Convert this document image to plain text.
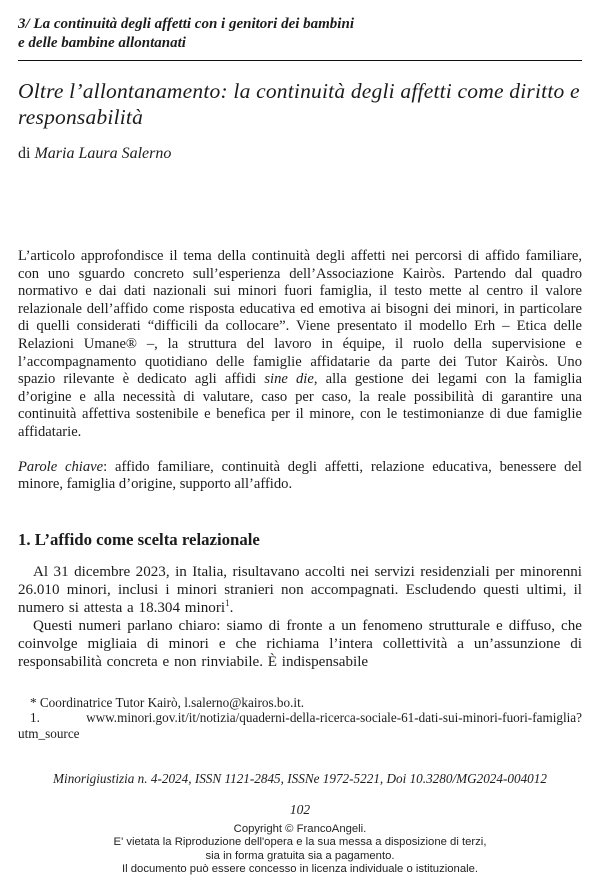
3/ La continuità degli affetti con i genitori dei bambini
e delle bambine allontanati
Oltre l’allontanamento: la continuità degli affetti come diritto e responsabilità

di Maria Laura Salerno

L’articolo approfondisce il tema della continuità degli affetti nei percorsi di affido familiare, con uno sguardo concreto sull’esperienza dell’Associazione Kairòs. Partendo dal quadro normativo e dai dati nazionali sui minori fuori famiglia, il testo mette al centro il valore relazionale dell’affido come risposta educativa ed emotiva ai bisogni dei minori, in particolare di quelli considerati “difficili da collocare”. Viene presentato il modello Erh – Etica delle Relazioni Umane® –, la struttura del lavoro in équipe, il ruolo della supervisione e l’accompagnamento quotidiano delle famiglie affidatarie da parte dei Tutor Kairòs. Uno spazio rilevante è dedicato agli affidi sine die, alla gestione dei legami con la famiglia d’origine e alla necessità di valutare, caso per caso, la reale possibilità di garantire una continuità affettiva sostenibile e benefica per il minore, con le testimonianze di due famiglie affidatarie.

Parole chiave: affido familiare, continuità degli affetti, relazione educativa, benessere del minore, famiglia d’origine, supporto all’affido.

1. L’affido come scelta relazionale

Al 31 dicembre 2023, in Italia, risultavano accolti nei servizi residenziali per minorenni 26.010 minori, inclusi i minori stranieri non accompagnati. Escludendo questi ultimi, il numero si attesta a 18.304 minori$^1$.

Questi numeri parlano chiaro: siamo di fronte a un fenomeno strutturale e diffuso, che coinvolge migliaia di minori e che richiama l’intera collettività a un’assunzione di responsabilità concreta e non rinviabile. È indispensabile

* Coordinatrice Tutor Kairò, l.salerno@kairos.bo.it.

1. www.minori.gov.it/it/notizia/quaderni-della-ricerca-sociale-61-dati-sui-minori-fuori-famiglia?utm_source

Minorigiustizia n. 4-2024, ISSN 1121-2845, ISSNe 1972-5221, Doi 10.3280/MG2024-004012

102

Copyright © FrancoAngeli.

E' vietata la Riproduzione dell'opera e la sua messa a disposizione di terzi,

sia in forma gratuita sia a pagamento.

Il documento può essere concesso in licenza individuale o istituzionale.
